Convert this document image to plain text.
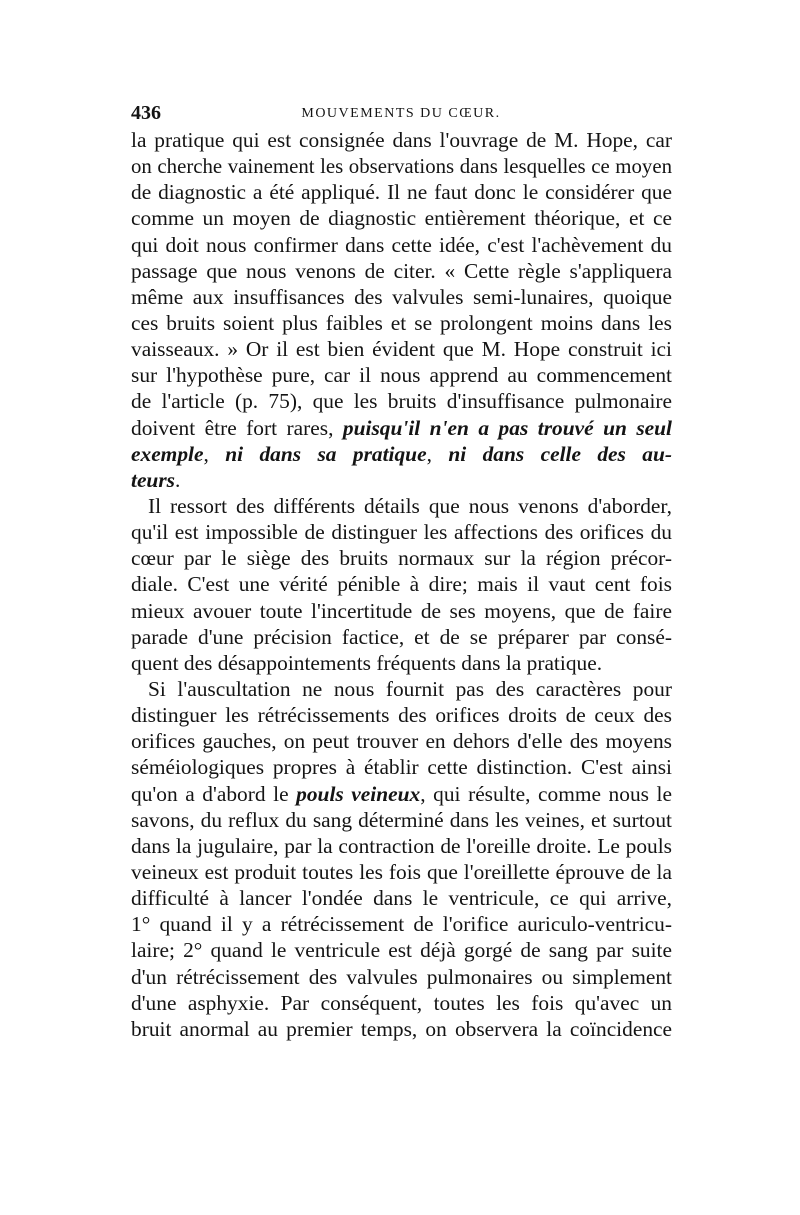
436	MOUVEMENTS DU CŒUR.
la pratique qui est consignée dans l'ouvrage de M. Hope, car
on cherche vainement les observations dans lesquelles ce moyen
de diagnostic a été appliqué. Il ne faut donc le considérer que
comme un moyen de diagnostic entièrement théorique, et ce
qui doit nous confirmer dans cette idée, c'est l'achèvement du
passage que nous venons de citer. « Cette règle s'appliquera
même aux insuffisances des valvules semi-lunaires, quoique
ces bruits soient plus faibles et se prolongent moins dans les
vaisseaux. » Or il est bien évident que M. Hope construit ici
sur l'hypothèse pure, car il nous apprend au commencement
de l'article (p. 75), que les bruits d'insuffisance pulmonaire
doivent être fort rares, puisqu'il n'en a pas trouvé un seul
exemple, ni dans sa pratique, ni dans celle des au-
teurs.
Il ressort des différents détails que nous venons d'aborder,
qu'il est impossible de distinguer les affections des orifices du
cœur par le siège des bruits normaux sur la région précor-
diale. C'est une vérité pénible à dire; mais il vaut cent fois
mieux avouer toute l'incertitude de ses moyens, que de faire
parade d'une précision factice, et de se préparer par consé-
quent des désappointements fréquents dans la pratique.
Si l'auscultation ne nous fournit pas des caractères pour
distinguer les rétrécissements des orifices droits de ceux des
orifices gauches, on peut trouver en dehors d'elle des moyens
séméiologiques propres à établir cette distinction. C'est ainsi
qu'on a d'abord le pouls veineux, qui résulte, comme nous le
savons, du reflux du sang déterminé dans les veines, et surtout
dans la jugulaire, par la contraction de l'oreille droite. Le pouls
veineux est produit toutes les fois que l'oreillette éprouve de la
difficulté à lancer l'ondée dans le ventricule, ce qui arrive,
1° quand il y a rétrécissement de l'orifice auriculo-ventricu-
laire; 2° quand le ventricule est déjà gorgé de sang par suite
d'un rétrécissement des valvules pulmonaires ou simplement
d'une asphyxie. Par conséquent, toutes les fois qu'avec un
bruit anormal au premier temps, on observera la coïncidence
